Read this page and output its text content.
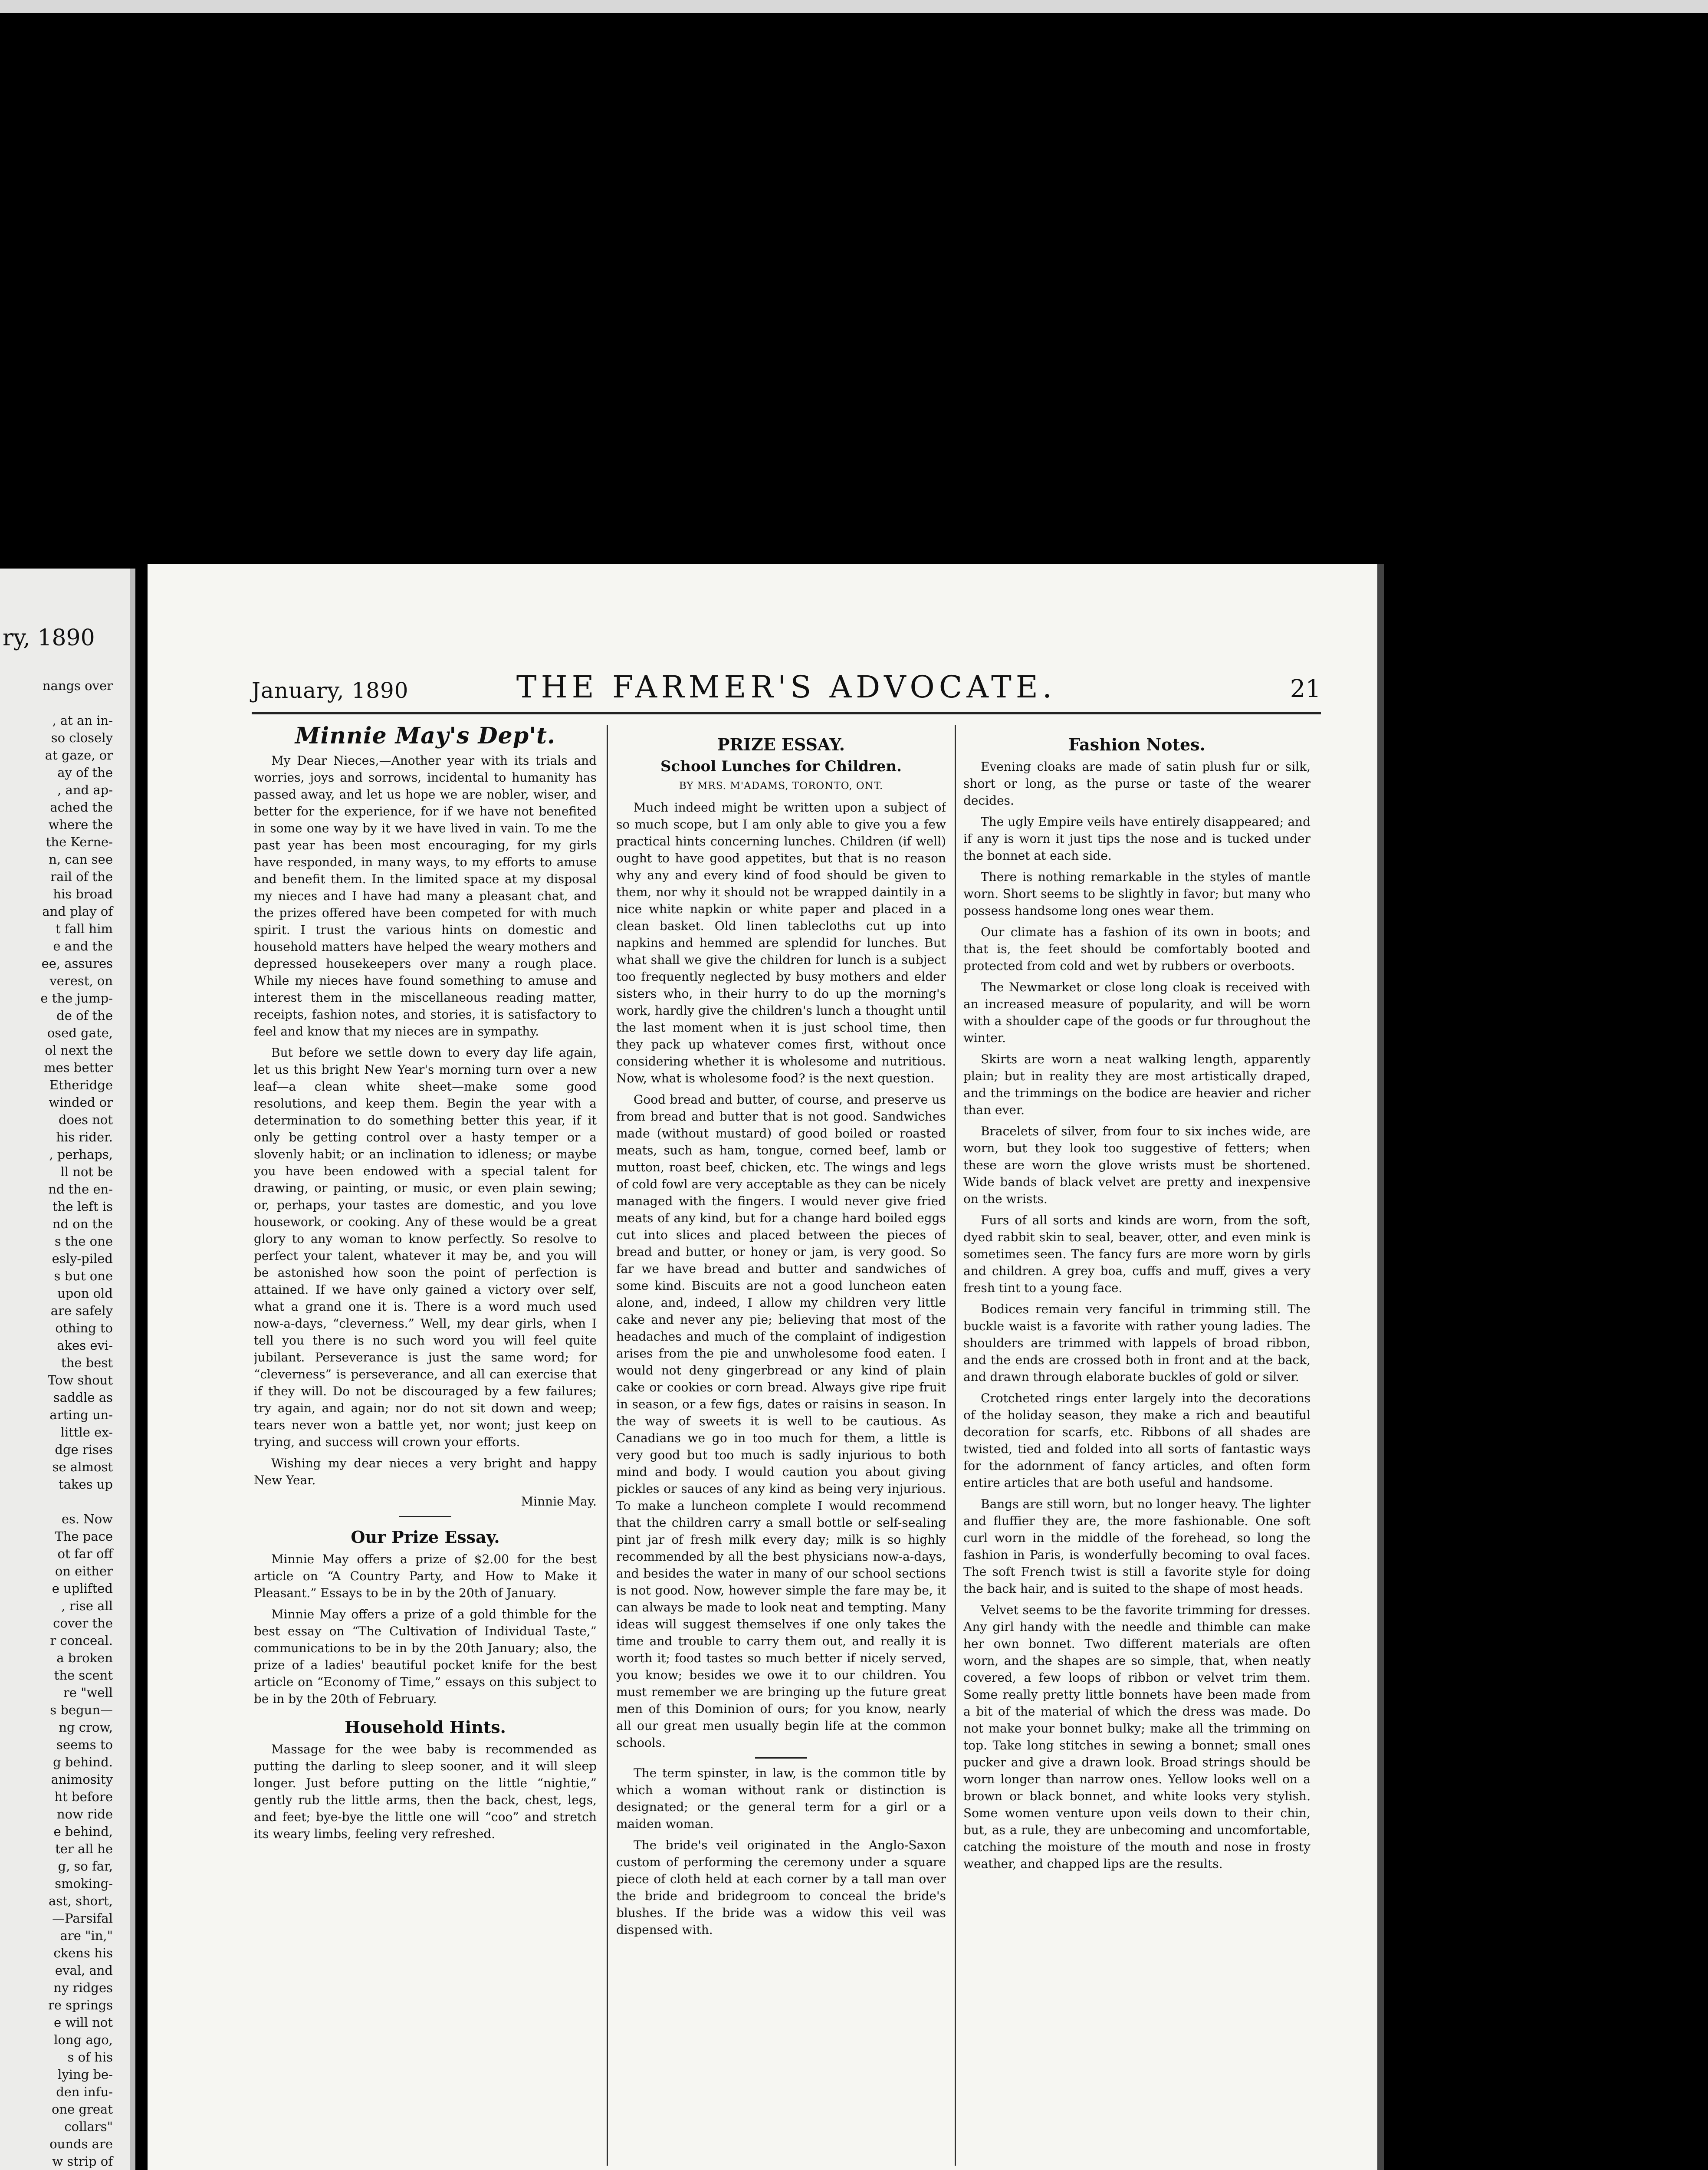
ry, 1890
nangs over

, at an in-
so closely
at gaze, or
ay of the
, and ap-
ached the
where the
the Kerne-
n, can see
rail of the
his broad
and play of
t fall him
e and the
ee, assures
verest, on
e the jump-
de of the
osed gate,
ol next the
mes better
Etheridge
winded or
does not
his rider.
, perhaps,
ll not be
nd the en-
the left is
nd on the
s the one
esly-piled
s but one
upon old
are safely
othing to
akes evi-
the best
Tow shout
saddle as
arting un-
little ex-
dge rises
se almost
takes up

es. Now
The pace
ot far off
on either
e uplifted
, rise all
cover the
r conceal.
a broken
the scent
re "well
s begun—
ng crow,
seems to
g behind.
animosity
ht before
now ride
e behind,
ter all he
g, so far,
smoking-
ast, short,
—Parsifal
are "in,"
ckens his
eval, and
ny ridges
re springs
e will not
long ago,
s of his
lying be-
den infu-
one great
collars"
ounds are
w strip of

January, 1890	THE FARMER'S ADVOCATE.	21
Minnie May's Dep't.

My Dear Nieces,—Another year with its trials and worries, joys and sorrows, incidental to humanity has passed away, and let us hope we are nobler, wiser, and better for the experience, for if we have not benefited in some one way by it we have lived in vain. To me the past year has been most encouraging, for my girls have responded, in many ways, to my efforts to amuse and benefit them. In the limited space at my disposal my nieces and I have had many a pleasant chat, and the prizes offered have been competed for with much spirit. I trust the various hints on domestic and household matters have helped the weary mothers and depressed housekeepers over many a rough place. While my nieces have found something to amuse and interest them in the miscellaneous reading matter, receipts, fashion notes, and stories, it is satisfactory to feel and know that my nieces are in sympathy.

But before we settle down to every day life again, let us this bright New Year's morning turn over a new leaf—a clean white sheet—make some good resolutions, and keep them. Begin the year with a determination to do something better this year, if it only be getting control over a hasty temper or a slovenly habit; or an inclination to idleness; or maybe you have been endowed with a special talent for drawing, or painting, or music, or even plain sewing; or, perhaps, your tastes are domestic, and you love housework, or cooking. Any of these would be a great glory to any woman to know perfectly. So resolve to perfect your talent, whatever it may be, and you will be astonished how soon the point of perfection is attained. If we have only gained a victory over self, what a grand one it is. There is a word much used now-a-days, “cleverness.” Well, my dear girls, when I tell you there is no such word you will feel quite jubilant. Perseverance is just the same word; for “cleverness” is perseverance, and all can exercise that if they will. Do not be discouraged by a few failures; try again, and again; nor do not sit down and weep; tears never won a battle yet, nor wont; just keep on trying, and success will crown your efforts.

Wishing my dear nieces a very bright and happy New Year.

Minnie May.

Our Prize Essay.

Minnie May offers a prize of $2.00 for the best article on “A Country Party, and How to Make it Pleasant.” Essays to be in by the 20th of January.

Minnie May offers a prize of a gold thimble for the best essay on “The Cultivation of Individual Taste,” communications to be in by the 20th January; also, the prize of a ladies' beautiful pocket knife for the best article on “Economy of Time,” essays on this subject to be in by the 20th of February.

Household Hints.

Massage for the wee baby is recommended as putting the darling to sleep sooner, and it will sleep longer. Just before putting on the little “nightie,” gently rub the little arms, then the back, chest, legs, and feet; bye-bye the little one will “coo” and stretch its weary limbs, feeling very refreshed.

PRIZE ESSAY.
School Lunches for Children.
BY MRS. M'ADAMS, TORONTO, ONT.

Much indeed might be written upon a subject of so much scope, but I am only able to give you a few practical hints concerning lunches. Children (if well) ought to have good appetites, but that is no reason why any and every kind of food should be given to them, nor why it should not be wrapped daintily in a nice white napkin or white paper and placed in a clean basket. Old linen tablecloths cut up into napkins and hemmed are splendid for lunches. But what shall we give the children for lunch is a subject too frequently neglected by busy mothers and elder sisters who, in their hurry to do up the morning's work, hardly give the children's lunch a thought until the last moment when it is just school time, then they pack up whatever comes first, without once considering whether it is wholesome and nutritious. Now, what is wholesome food? is the next question.

Good bread and butter, of course, and preserve us from bread and butter that is not good. Sandwiches made (without mustard) of good boiled or roasted meats, such as ham, tongue, corned beef, lamb or mutton, roast beef, chicken, etc. The wings and legs of cold fowl are very acceptable as they can be nicely managed with the fingers. I would never give fried meats of any kind, but for a change hard boiled eggs cut into slices and placed between the pieces of bread and butter, or honey or jam, is very good. So far we have bread and butter and sandwiches of some kind. Biscuits are not a good luncheon eaten alone, and, indeed, I allow my children very little cake and never any pie; believing that most of the headaches and much of the complaint of indigestion arises from the pie and unwholesome food eaten. I would not deny gingerbread or any kind of plain cake or cookies or corn bread. Always give ripe fruit in season, or a few figs, dates or raisins in season. In the way of sweets it is well to be cautious. As Canadians we go in too much for them, a little is very good but too much is sadly injurious to both mind and body. I would caution you about giving pickles or sauces of any kind as being very injurious. To make a luncheon complete I would recommend that the children carry a small bottle or self-sealing pint jar of fresh milk every day; milk is so highly recommended by all the best physicians now-a-days, and besides the water in many of our school sections is not good. Now, however simple the fare may be, it can always be made to look neat and tempting. Many ideas will suggest themselves if one only takes the time and trouble to carry them out, and really it is worth it; food tastes so much better if nicely served, you know; besides we owe it to our children. You must remember we are bringing up the future great men of this Dominion of ours; for you know, nearly all our great men usually begin life at the common schools.

The term spinster, in law, is the common title by which a woman without rank or distinction is designated; or the general term for a girl or a maiden woman.

The bride's veil originated in the Anglo-Saxon custom of performing the ceremony under a square piece of cloth held at each corner by a tall man over the bride and bridegroom to conceal the bride's blushes. If the bride was a widow this veil was dispensed with.

Fashion Notes.

Evening cloaks are made of satin plush fur or silk, short or long, as the purse or taste of the wearer decides.

The ugly Empire veils have entirely disappeared; and if any is worn it just tips the nose and is tucked under the bonnet at each side.

There is nothing remarkable in the styles of mantle worn. Short seems to be slightly in favor; but many who possess handsome long ones wear them.

Our climate has a fashion of its own in boots; and that is, the feet should be comfortably booted and protected from cold and wet by rubbers or overboots.

The Newmarket or close long cloak is received with an increased measure of popularity, and will be worn with a shoulder cape of the goods or fur throughout the winter.

Skirts are worn a neat walking length, apparently plain; but in reality they are most artistically draped, and the trimmings on the bodice are heavier and richer than ever.

Bracelets of silver, from four to six inches wide, are worn, but they look too suggestive of fetters; when these are worn the glove wrists must be shortened. Wide bands of black velvet are pretty and inexpensive on the wrists.

Furs of all sorts and kinds are worn, from the soft, dyed rabbit skin to seal, beaver, otter, and even mink is sometimes seen. The fancy furs are more worn by girls and children. A grey boa, cuffs and muff, gives a very fresh tint to a young face.

Bodices remain very fanciful in trimming still. The buckle waist is a favorite with rather young ladies. The shoulders are trimmed with lappels of broad ribbon, and the ends are crossed both in front and at the back, and drawn through elaborate buckles of gold or silver.

Crotcheted rings enter largely into the decorations of the holiday season, they make a rich and beautiful decoration for scarfs, etc. Ribbons of all shades are twisted, tied and folded into all sorts of fantastic ways for the adornment of fancy articles, and often form entire articles that are both useful and handsome.

Bangs are still worn, but no longer heavy. The lighter and fluffier they are, the more fashionable. One soft curl worn in the middle of the forehead, so long the fashion in Paris, is wonderfully becoming to oval faces. The soft French twist is still a favorite style for doing the back hair, and is suited to the shape of most heads.

Velvet seems to be the favorite trimming for dresses. Any girl handy with the needle and thimble can make her own bonnet. Two different materials are often worn, and the shapes are so simple, that, when neatly covered, a few loops of ribbon or velvet trim them. Some really pretty little bonnets have been made from a bit of the material of which the dress was made. Do not make your bonnet bulky; make all the trimming on top. Take long stitches in sewing a bonnet; small ones pucker and give a drawn look. Broad strings should be worn longer than narrow ones. Yellow looks well on a brown or black bonnet, and white looks very stylish. Some women venture upon veils down to their chin, but, as a rule, they are unbecoming and uncomfortable, catching the moisture of the mouth and nose in frosty weather, and chapped lips are the results.
